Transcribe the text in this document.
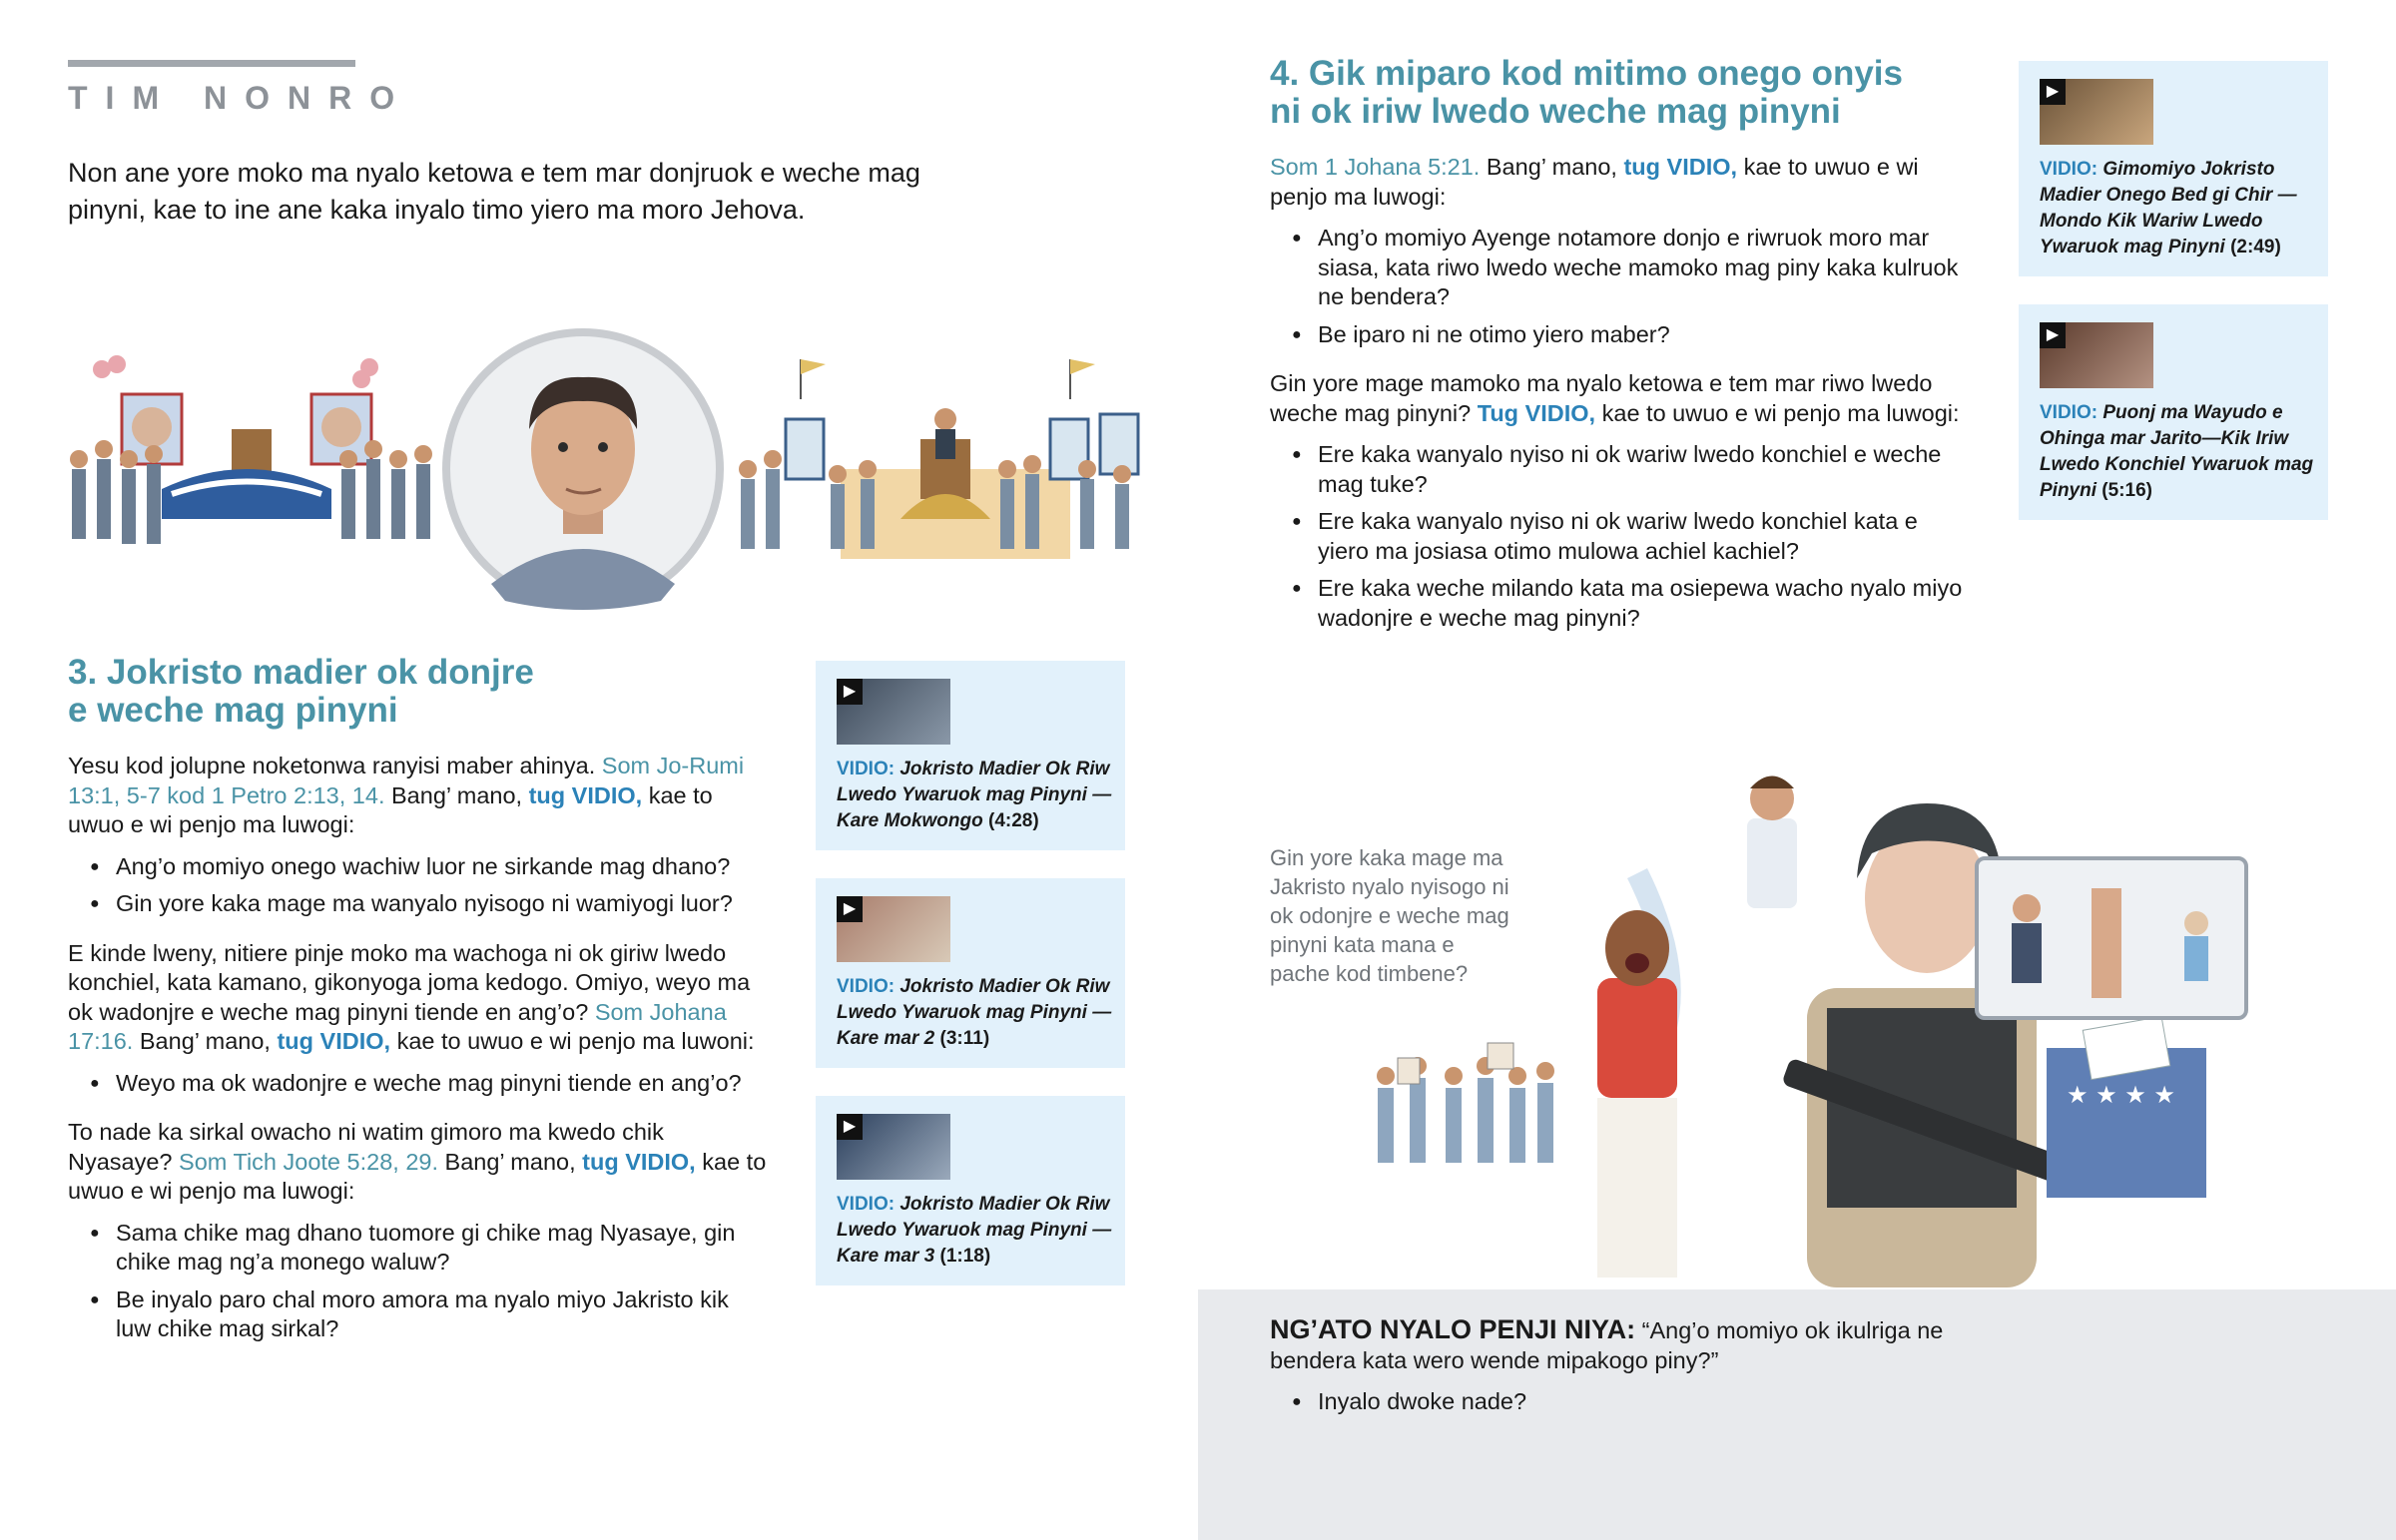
TIM NONRO
Non ane yore moko ma nyalo ketowa e tem mar donjruok e weche mag pinyni, kae to ine ane kaka inyalo timo yiero ma moro Jehova.
3. Jokristo madier ok donjre
e weche mag pinyni

Yesu kod jolupne noketonwa ranyisi maber ahinya. Som Jo-Rumi 13:1, 5-7 kod 1 Petro 2:13, 14. Bang’ mano, tug VIDIO, kae to uwuo e wi penjo ma luwogi:

● Ang’o momiyo onego wachiw luor ne sirkande mag dhano?
● Gin yore kaka mage ma wanyalo nyisogo ni wamiyogi luor?

E kinde lweny, nitiere pinje moko ma wachoga ni ok giriw lwedo konchiel, kata kamano, gikonyoga joma kedogo. Omiyo, weyo ma ok wadonjre e weche mag pinyni tiende en ang’o? Som Johana 17:16. Bang’ mano, tug VIDIO, kae to uwuo e wi penjo ma luwoni:

● Weyo ma ok wadonjre e weche mag pinyni tiende en ang’o?

To nade ka sirkal owacho ni watim gimoro ma kwedo chik Nyasaye? Som Tich Joote 5:28, 29. Bang’ mano, tug VIDIO, kae to uwuo e wi penjo ma luwogi:

● Sama chike mag dhano tuomore gi chike mag Nyasaye, gin chike mag ng’a monego waluw?
● Be inyalo paro chal moro amora ma nyalo miyo Jakristo kik luw chike mag sirkal?
▶
VIDIO: Jokristo Madier Ok Riw Lwedo Ywaruok mag Pinyni —Kare Mokwongo (4:28)
▶
VIDIO: Jokristo Madier Ok Riw Lwedo Ywaruok mag Pinyni —Kare mar 2 (3:11)
▶
VIDIO: Jokristo Madier Ok Riw Lwedo Ywaruok mag Pinyni —Kare mar 3 (1:18)
4. Gik miparo kod mitimo onego onyis
ni ok iriw lwedo weche mag pinyni

Som 1 Johana 5:21. Bang’ mano, tug VIDIO, kae to uwuo e wi penjo ma luwogi:

● Ang’o momiyo Ayenge notamore donjo e riwruok moro mar siasa, kata riwo lwedo weche mamoko mag piny kaka kulruok ne bendera?
● Be iparo ni ne otimo yiero maber?

Gin yore mage mamoko ma nyalo ketowa e tem mar riwo lwedo weche mag pinyni? Tug VIDIO, kae to uwuo e wi penjo ma luwogi:

● Ere kaka wanyalo nyiso ni ok wariw lwedo konchiel e weche mag tuke?
● Ere kaka wanyalo nyiso ni ok wariw lwedo konchiel kata e yiero ma josiasa otimo mulowa achiel kachiel?
● Ere kaka weche milando kata ma osiepewa wacho nyalo miyo wadonjre e weche mag pinyni?
▶
VIDIO: Gimomiyo Jokristo Madier Onego Bed gi Chir —Mondo Kik Wariw Lwedo Ywaruok mag Pinyni (2:49)
▶
VIDIO: Puonj ma Wayudo e Ohinga mar Jarito—Kik Iriw Lwedo Konchiel Ywaruok mag Pinyni (5:16)
Gin yore kaka mage ma Jakristo nyalo nyisogo ni ok odonjre e weche mag pinyni kata mana e pache kod timbene?
★ ★ ★ ★

NG’ATO NYALO PENJI NIYA: “Ang’o momiyo ok ikulriga ne bendera kata wero wende mipakogo piny?”

● Inyalo dwoke nade?
